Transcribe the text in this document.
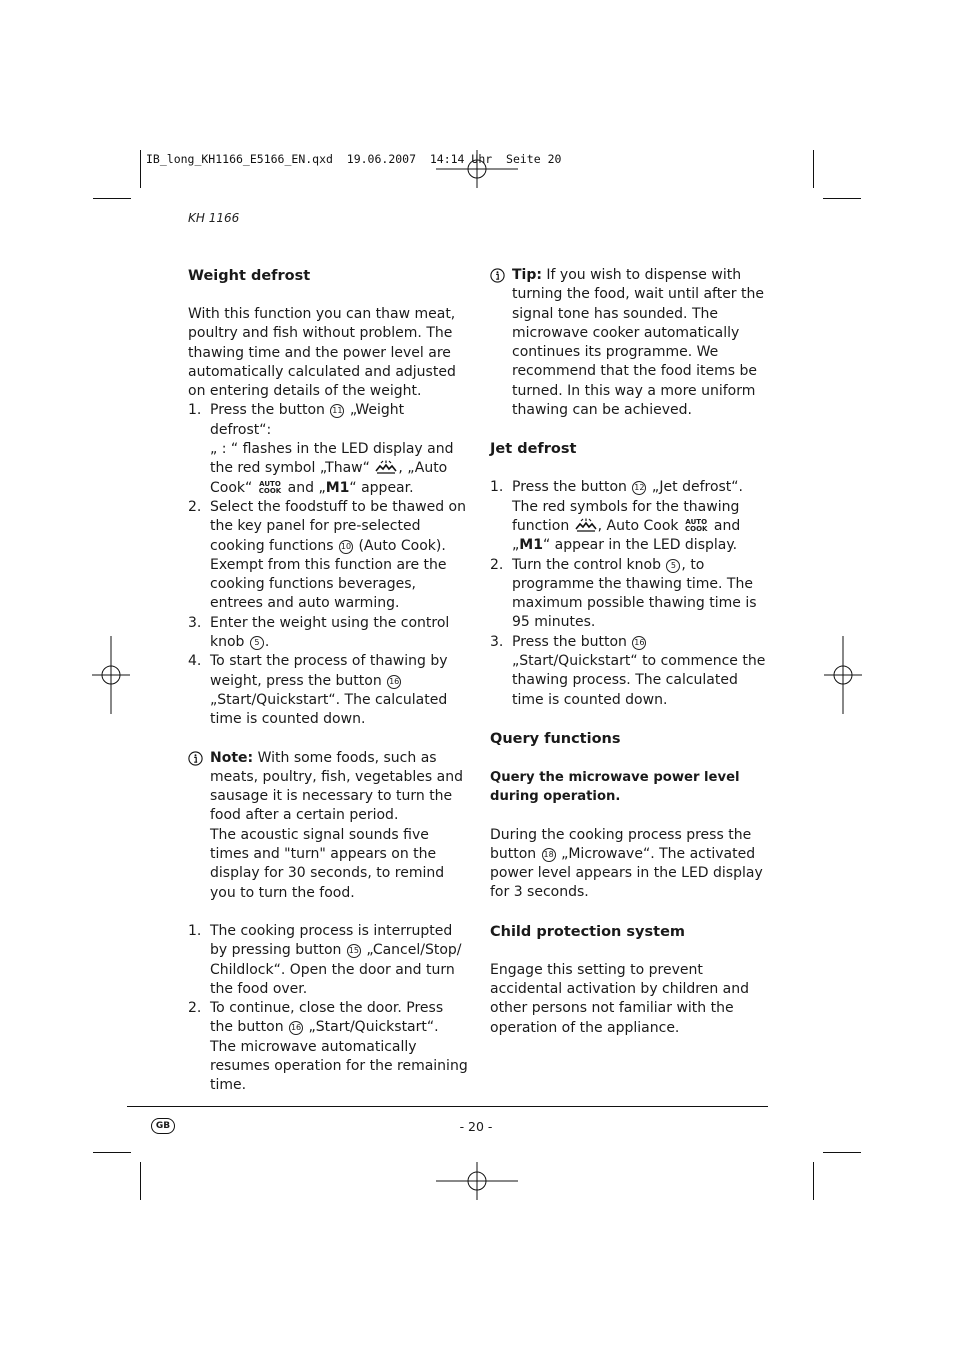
IB_long_KH1166_E5166_EN.qxd  19.06.2007  14:14 Uhr  Seite 20
KH 1166
Weight defrost

With this function you can thaw meat, poultry and fish without problem. The thawing time and the power level are automatically calculated and adjusted on entering details of the weight.

1. Press the button 11 „Weight defrost“:
„ : “ flashes in the LED display and the red symbol „Thaw“ , „Auto Cook“ AUTO
COOK and „M1“ appear.
2. Select the foodstuff to be thawed on the key panel for pre-selected cooking functions 10 (Auto Cook). Exempt from this function are the cooking functions beverages, entrees and auto warming.
3. Enter the weight using the control knob 5 .
4. To start the process of thawing by weight, press the button 16 „Start/Quickstart“. The calculated time is counted down.
Note: With some foods, such as meats, poultry, fish, vegetables and sausage it is necessary to turn the food after a certain period.
The acoustic signal sounds five times and "turn" appears on the display for 30 seconds, to remind you to turn the food.
1. The cooking process is interrupted by pressing button 15 „Cancel/Stop/ Childlock“. Open the door and turn the food over.
2. To continue, close the door. Press the button 16 „Start/Quickstart“. The microwave automatically resumes operation for the remaining time.
Tip: If you wish to dispense with turning the food, wait until after the signal tone has sounded. The microwave cooker automatically continues its programme. We recommend that the food items be turned. In this way a more uniform thawing can be achieved.
Jet defrost
1. Press the button 12 „Jet defrost“. The red symbols for the thawing function , Auto Cook AUTO
COOK and „M1“ appear in the LED display.
2. Turn the control knob 5 , to programme the thawing time. The maximum possible thawing time is 95 minutes.
3. Press the button 16 „Start/Quickstart“ to commence the thawing process. The calculated time is counted down.
Query functions
Query the microwave power level during operation.

During the cooking process press the button 18 „Microwave“. The activated power level appears in the LED display for 3 seconds.

Child protection system

Engage this setting to prevent accidental activation by children and other persons not familiar with the operation of the appliance.

GB	- 20 -
